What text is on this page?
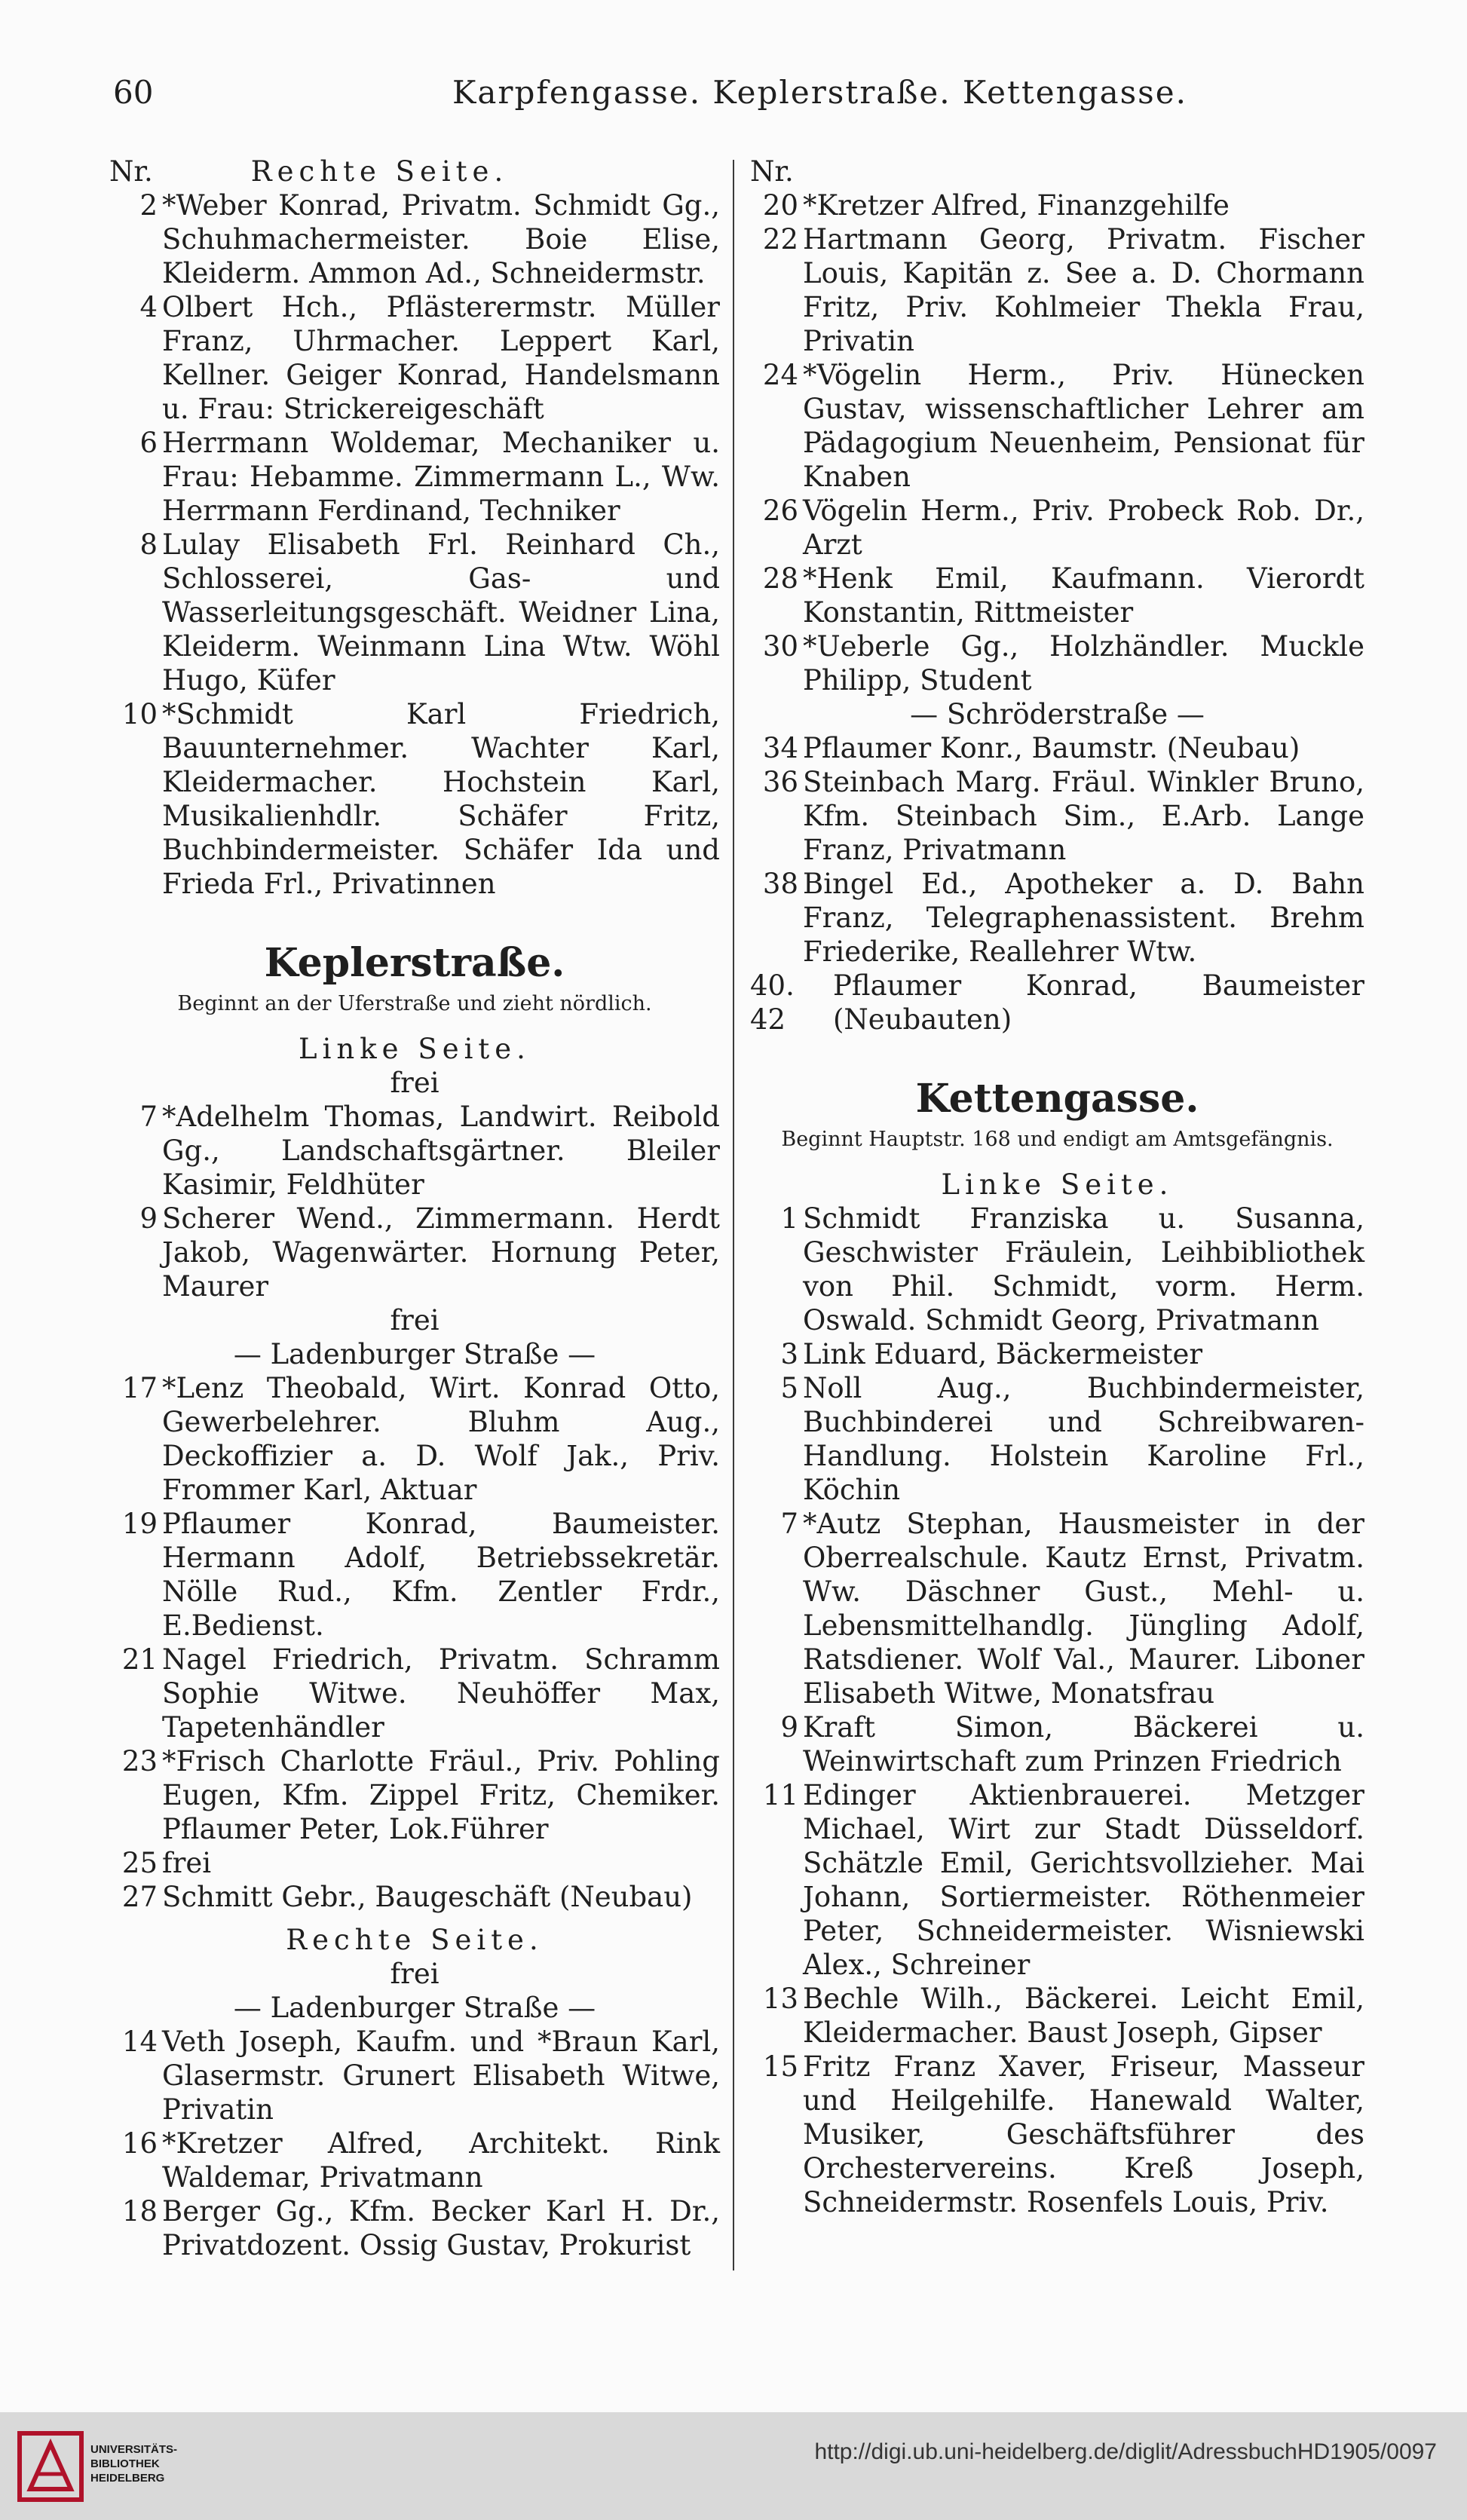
60	Karpfengasse. Keplerstraße. Kettengasse.
Nr.	Rechte Seite.
2 *Weber Konrad, Privatm. Schmidt Gg., Schuhmachermeister. Boie Elise, Kleiderm. Ammon Ad., Schneidermstr.
4 Olbert Hch., Pflästerermstr. Müller Franz, Uhrmacher. Leppert Karl, Kellner. Geiger Konrad, Handelsmann u. Frau: Strickereigeschäft
6 Herrmann Woldemar, Mechaniker u. Frau: Hebamme. Zimmermann L., Ww. Herrmann Ferdinand, Techniker
8 Lulay Elisabeth Frl. Reinhard Ch., Schlosserei, Gas- und Wasserleitungsgeschäft. Weidner Lina, Kleiderm. Weinmann Lina Wtw. Wöhl Hugo, Küfer
10 *Schmidt Karl Friedrich, Bauunternehmer. Wachter Karl, Kleidermacher. Hochstein Karl, Musikalienhdlr. Schäfer Fritz, Buchbindermeister. Schäfer Ida und Frieda Frl., Privatinnen
Keplerstraße.
Beginnt an der Uferstraße und zieht nördlich.
Linke Seite.
frei
7 *Adelhelm Thomas, Landwirt. Reibold Gg., Landschaftsgärtner. Bleiler Kasimir, Feldhüter
9 Scherer Wend., Zimmermann. Herdt Jakob, Wagenwärter. Hornung Peter, Maurer
frei
— Ladenburger Straße —
17 *Lenz Theobald, Wirt. Konrad Otto, Gewerbelehrer. Bluhm Aug., Deckoffizier a. D. Wolf Jak., Priv. Frommer Karl, Aktuar
19 Pflaumer Konrad, Baumeister. Hermann Adolf, Betriebssekretär. Nölle Rud., Kfm. Zentler Frdr., E.Bedienst.
21 Nagel Friedrich, Privatm. Schramm Sophie Witwe. Neuhöffer Max, Tapetenhändler
23 *Frisch Charlotte Fräul., Priv. Pohling Eugen, Kfm. Zippel Fritz, Chemiker. Pflaumer Peter, Lok.Führer
25 frei
27 Schmitt Gebr., Baugeschäft (Neubau)
Rechte Seite.
frei
— Ladenburger Straße —
14 Veth Joseph, Kaufm. und *Braun Karl, Glasermstr. Grunert Elisabeth Witwe, Privatin
16 *Kretzer Alfred, Architekt. Rink Waldemar, Privatmann
18 Berger Gg., Kfm. Becker Karl H. Dr., Privatdozent. Ossig Gustav, Prokurist
Nr.
20 *Kretzer Alfred, Finanzgehilfe
22 Hartmann Georg, Privatm. Fischer Louis, Kapitän z. See a. D. Chormann Fritz, Priv. Kohlmeier Thekla Frau, Privatin
24 *Vögelin Herm., Priv. Hünecken Gustav, wissenschaftlicher Lehrer am Pädagogium Neuenheim, Pensionat für Knaben
26 Vögelin Herm., Priv. Probeck Rob. Dr., Arzt
28 *Henk Emil, Kaufmann. Vierordt Konstantin, Rittmeister
30 *Ueberle Gg., Holzhändler. Muckle Philipp, Student
— Schröderstraße —
34 Pflaumer Konr., Baumstr. (Neubau)
36 Steinbach Marg. Fräul. Winkler Bruno, Kfm. Steinbach Sim., E.Arb. Lange Franz, Privatmann
38 Bingel Ed., Apotheker a. D. Bahn Franz, Telegraphenassistent. Brehm Friederike, Reallehrer Wtw.
40. 42
Pflaumer Konrad, Baumeister (Neubauten)
Kettengasse.
Beginnt Hauptstr. 168 und endigt am Amtsgefängnis.
Linke Seite.
1 Schmidt Franziska u. Susanna, Geschwister Fräulein, Leihbibliothek von Phil. Schmidt, vorm. Herm. Oswald. Schmidt Georg, Privatmann
3 Link Eduard, Bäckermeister
5 Noll Aug., Buchbindermeister, Buchbinderei und Schreibwaren-Handlung. Holstein Karoline Frl., Köchin
7 *Autz Stephan, Hausmeister in der Oberrealschule. Kautz Ernst, Privatm. Ww. Däschner Gust., Mehl- u. Lebensmittelhandlg. Jüngling Adolf, Ratsdiener. Wolf Val., Maurer. Liboner Elisabeth Witwe, Monatsfrau
9 Kraft Simon, Bäckerei u. Weinwirtschaft zum Prinzen Friedrich
11 Edinger Aktienbrauerei. Metzger Michael, Wirt zur Stadt Düsseldorf. Schätzle Emil, Gerichtsvollzieher. Mai Johann, Sortiermeister. Röthenmeier Peter, Schneidermeister. Wisniewski Alex., Schreiner
13 Bechle Wilh., Bäckerei. Leicht Emil, Kleidermacher. Baust Joseph, Gipser
15 Fritz Franz Xaver, Friseur, Masseur und Heilgehilfe. Hanewald Walter, Musiker, Geschäftsführer des Orchestervereins. Kreß Joseph, Schneidermstr. Rosenfels Louis, Priv.
UNIVERSITÄTS-
BIBLIOTHEK
HEIDELBERG
http://digi.ub.uni-heidelberg.de/diglit/AdressbuchHD1905/0097
